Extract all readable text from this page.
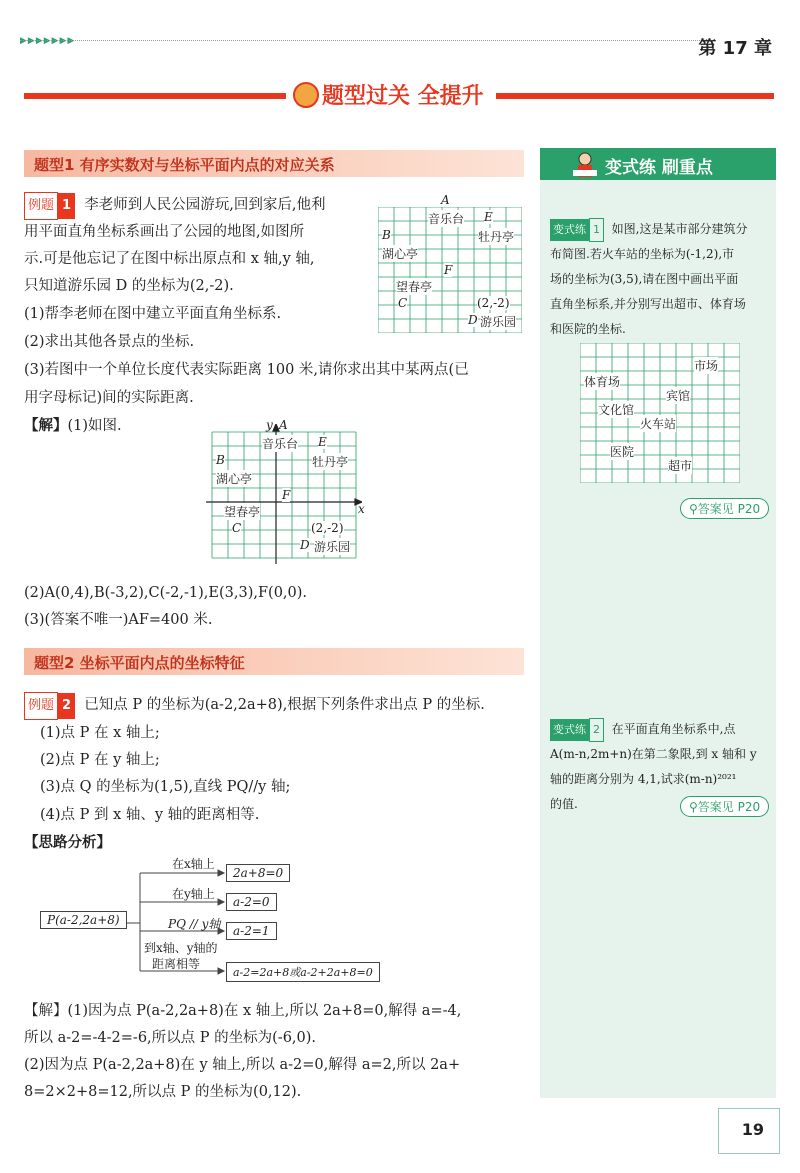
▶▶▶▶▶▶▶	第 17 章
题型过关 全提升
变式练 刷重点
题型1 有序实数对与坐标平面内点的对应关系
例题 1 李老师到人民公园游玩,回到家后,他利
用平面直角坐标系画出了公园的地图,如图所
示.可是他忘记了在图中标出原点和 x 轴,y 轴,
只知道游乐园 D 的坐标为(2,-2).
(1)帮李老师在图中建立平面直角坐标系.
(2)求出其他各景点的坐标.
(3)若图中一个单位长度代表实际距离 100 米,请你求出其中某两点(已
用字母标记)间的实际距离.
A
音乐台 E
牡丹亭
B
湖心亭
F
望春亭
C	(2,-2)
D 游乐园
【解】(1)如图.	y A
音乐台 E
牡丹亭
B
湖心亭
F
x
望春亭
C	(2,-2)
D 游乐园
(2)A(0,4),B(-3,2),C(-2,-1),E(3,3),F(0,0).
(3)(答案不唯一)AF=400 米.
题型2 坐标平面内点的坐标特征
例题 2 已知点 P 的坐标为(a-2,2a+8),根据下列条件求出点 P 的坐标.
(1)点 P 在 x 轴上;
(2)点 P 在 y 轴上;
(3)点 Q 的坐标为(1,5),直线 PQ//y 轴;
(4)点 P 到 x 轴、y 轴的距离相等.
【思路分析】
P(a-2,2a+8)
在x轴上
在y轴上
PQ // y轴
到x轴、y轴的
距离相等
2a+8=0
a-2=0
a-2=1
a-2=2a+8或a-2+2a+8=0
【解】(1)因为点 P(a-2,2a+8)在 x 轴上,所以 2a+8=0,解得 a=-4,
所以 a-2=-4-2=-6,所以点 P 的坐标为(-6,0).
(2)因为点 P(a-2,2a+8)在 y 轴上,所以 a-2=0,解得 a=2,所以 2a+
8=2×2+8=12,所以点 P 的坐标为(0,12).
变式练 1 如图,这是某市部分建筑分
布简图.若火车站的坐标为(-1,2),市
场的坐标为(3,5),请在图中画出平面
直角坐标系,并分别写出超市、体育场
和医院的坐标.
市场
体育场
宾馆
文化馆
火车站
医院
超市
⚲答案见 P20
变式练 2 在平面直角坐标系中,点
A(m-n,2m+n)在第二象限,到 x 轴和 y
轴的距离分别为 4,1,试求(m-n)²⁰²¹
的值.	⚲答案见 P20
19
